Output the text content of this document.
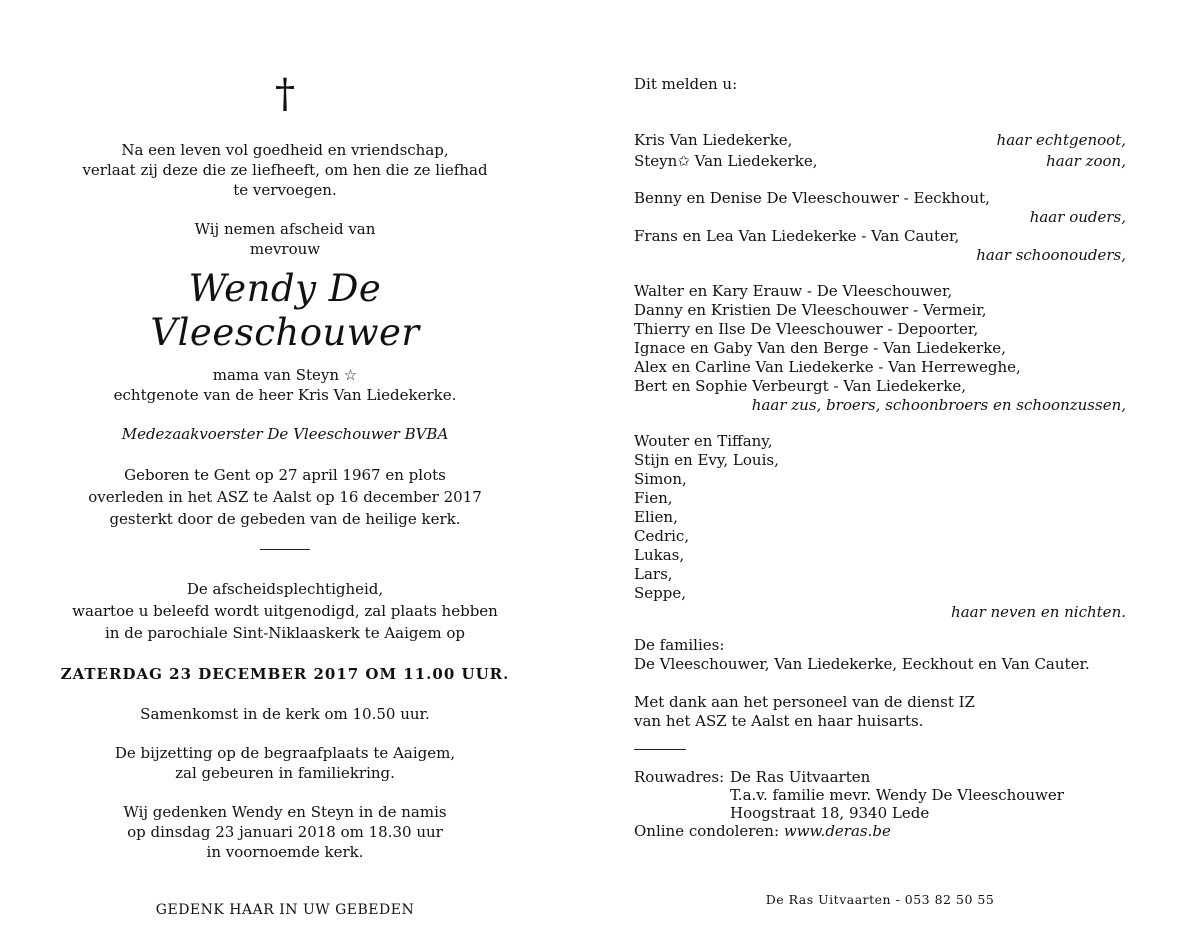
†

Na een leven vol goedheid en vriendschap,

verlaat zij deze die ze liefheeft, om hen die ze liefhad

te vervoegen.

Wij nemen afscheid van

mevrouw

Wendy De Vleeschouwer

mama van Steyn ☆

echtgenote van de heer Kris Van Liedekerke.

Medezaakvoerster De Vleeschouwer BVBA

Geboren te Gent op 27 april 1967 en plots

overleden in het ASZ te Aalst op 16 december 2017

gesterkt door de gebeden van de heilige kerk.

De afscheidsplechtigheid,

waartoe u beleefd wordt uitgenodigd, zal plaats hebben

in de parochiale Sint-Niklaaskerk te Aaigem op

ZATERDAG 23 DECEMBER 2017 OM 11.00 UUR.

Samenkomst in de kerk om 10.50 uur.

De bijzetting op de begraafplaats te Aaigem,

zal gebeuren in familiekring.

Wij gedenken Wendy en Steyn in de namis

op dinsdag 23 januari 2018 om 18.30 uur

in voornoemde kerk.

GEDENK HAAR IN UW GEBEDEN

Dit melden u:

Kris Van Liedekerke,	haar echtgenoot,
Steyn✩ Van Liedekerke,	haar zoon,
Benny en Denise De Vleeschouwer - Eeckhout,
haar ouders,
Frans en Lea Van Liedekerke - Van Cauter,
haar schoonouders,
Walter en Kary Erauw - De Vleeschouwer,
Danny en Kristien De Vleeschouwer - Vermeir,
Thierry en Ilse De Vleeschouwer - Depoorter,
Ignace en Gaby Van den Berge - Van Liedekerke,
Alex en Carline Van Liedekerke - Van Herreweghe,
Bert en Sophie Verbeurgt - Van Liedekerke,
haar zus, broers, schoonbroers en schoonzussen,
Wouter en Tiffany,
Stijn en Evy, Louis,
Simon,
Fien,
Elien,
Cedric,
Lukas,
Lars,
Seppe,
haar neven en nichten.
De families:
De Vleeschouwer, Van Liedekerke, Eeckhout en Van Cauter.
Met dank aan het personeel van de dienst IZ
van het ASZ te Aalst en haar huisarts.
Rouwadres: De Ras Uitvaarten
T.a.v. familie mevr. Wendy De Vleeschouwer
Hoogstraat 18, 9340 Lede
Online condoleren: www.deras.be
De Ras Uitvaarten - 053 82 50 55
